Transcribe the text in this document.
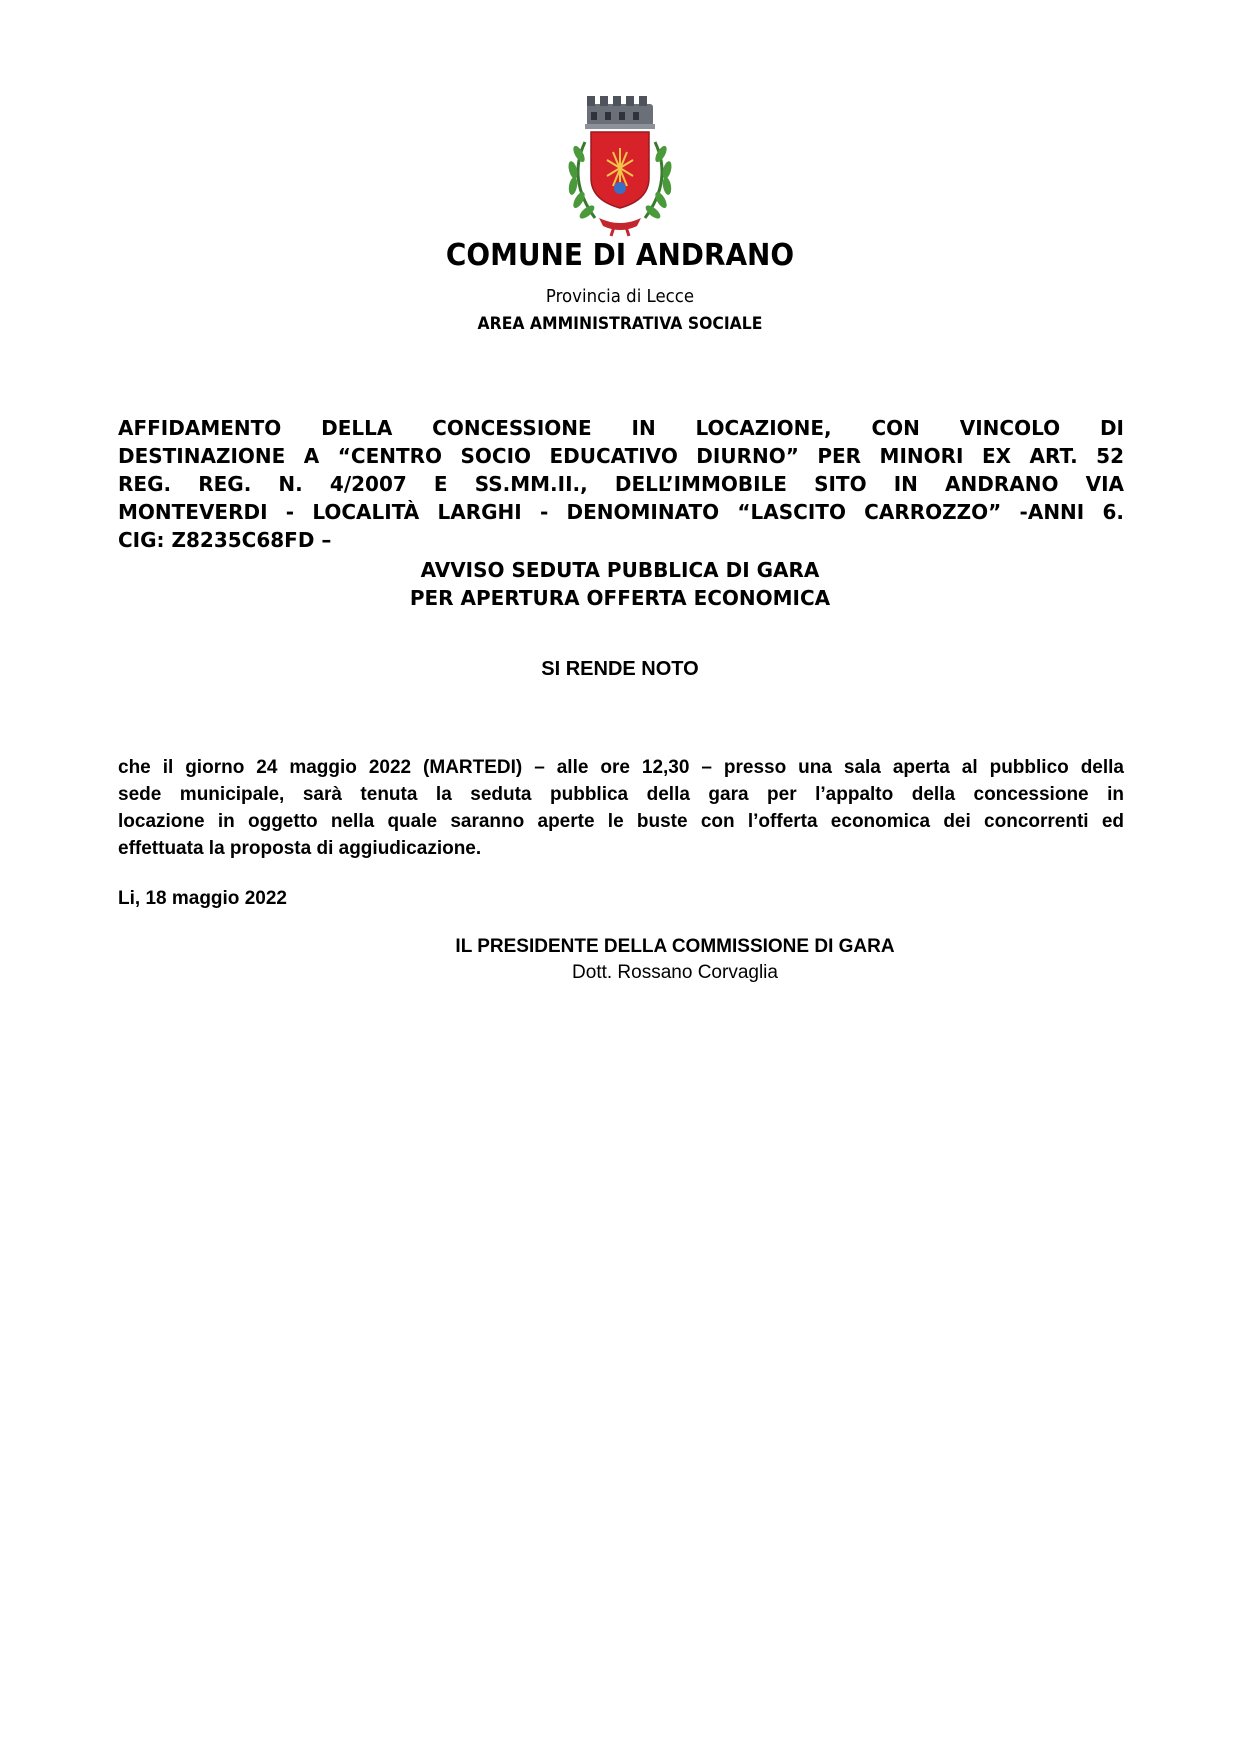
COMUNE DI ANDRANO
Provincia di Lecce
AREA AMMINISTRATIVA SOCIALE
AFFIDAMENTO DELLA CONCESSIONE IN LOCAZIONE, CON VINCOLO DI
DESTINAZIONE A “CENTRO SOCIO EDUCATIVO DIURNO” PER MINORI EX ART. 52
REG. REG. N. 4/2007 E SS.MM.II., DELL’IMMOBILE SITO IN ANDRANO VIA
MONTEVERDI - LOCALITÀ LARGHI - DENOMINATO “LASCITO CARROZZO” -ANNI 6.
CIG: Z8235C68FD –
AVVISO SEDUTA PUBBLICA DI GARA
PER APERTURA OFFERTA ECONOMICA
SI RENDE NOTO
che il giorno 24 maggio 2022 (MARTEDI) – alle ore 12,30 – presso una sala aperta al pubblico della
sede municipale, sarà tenuta la seduta pubblica della gara per l’appalto della concessione in
locazione in oggetto nella quale saranno aperte le buste con l’offerta economica dei concorrenti ed
effettuata la proposta di aggiudicazione.
Li, 18 maggio 2022
IL PRESIDENTE DELLA COMMISSIONE DI GARA
Dott. Rossano Corvaglia
